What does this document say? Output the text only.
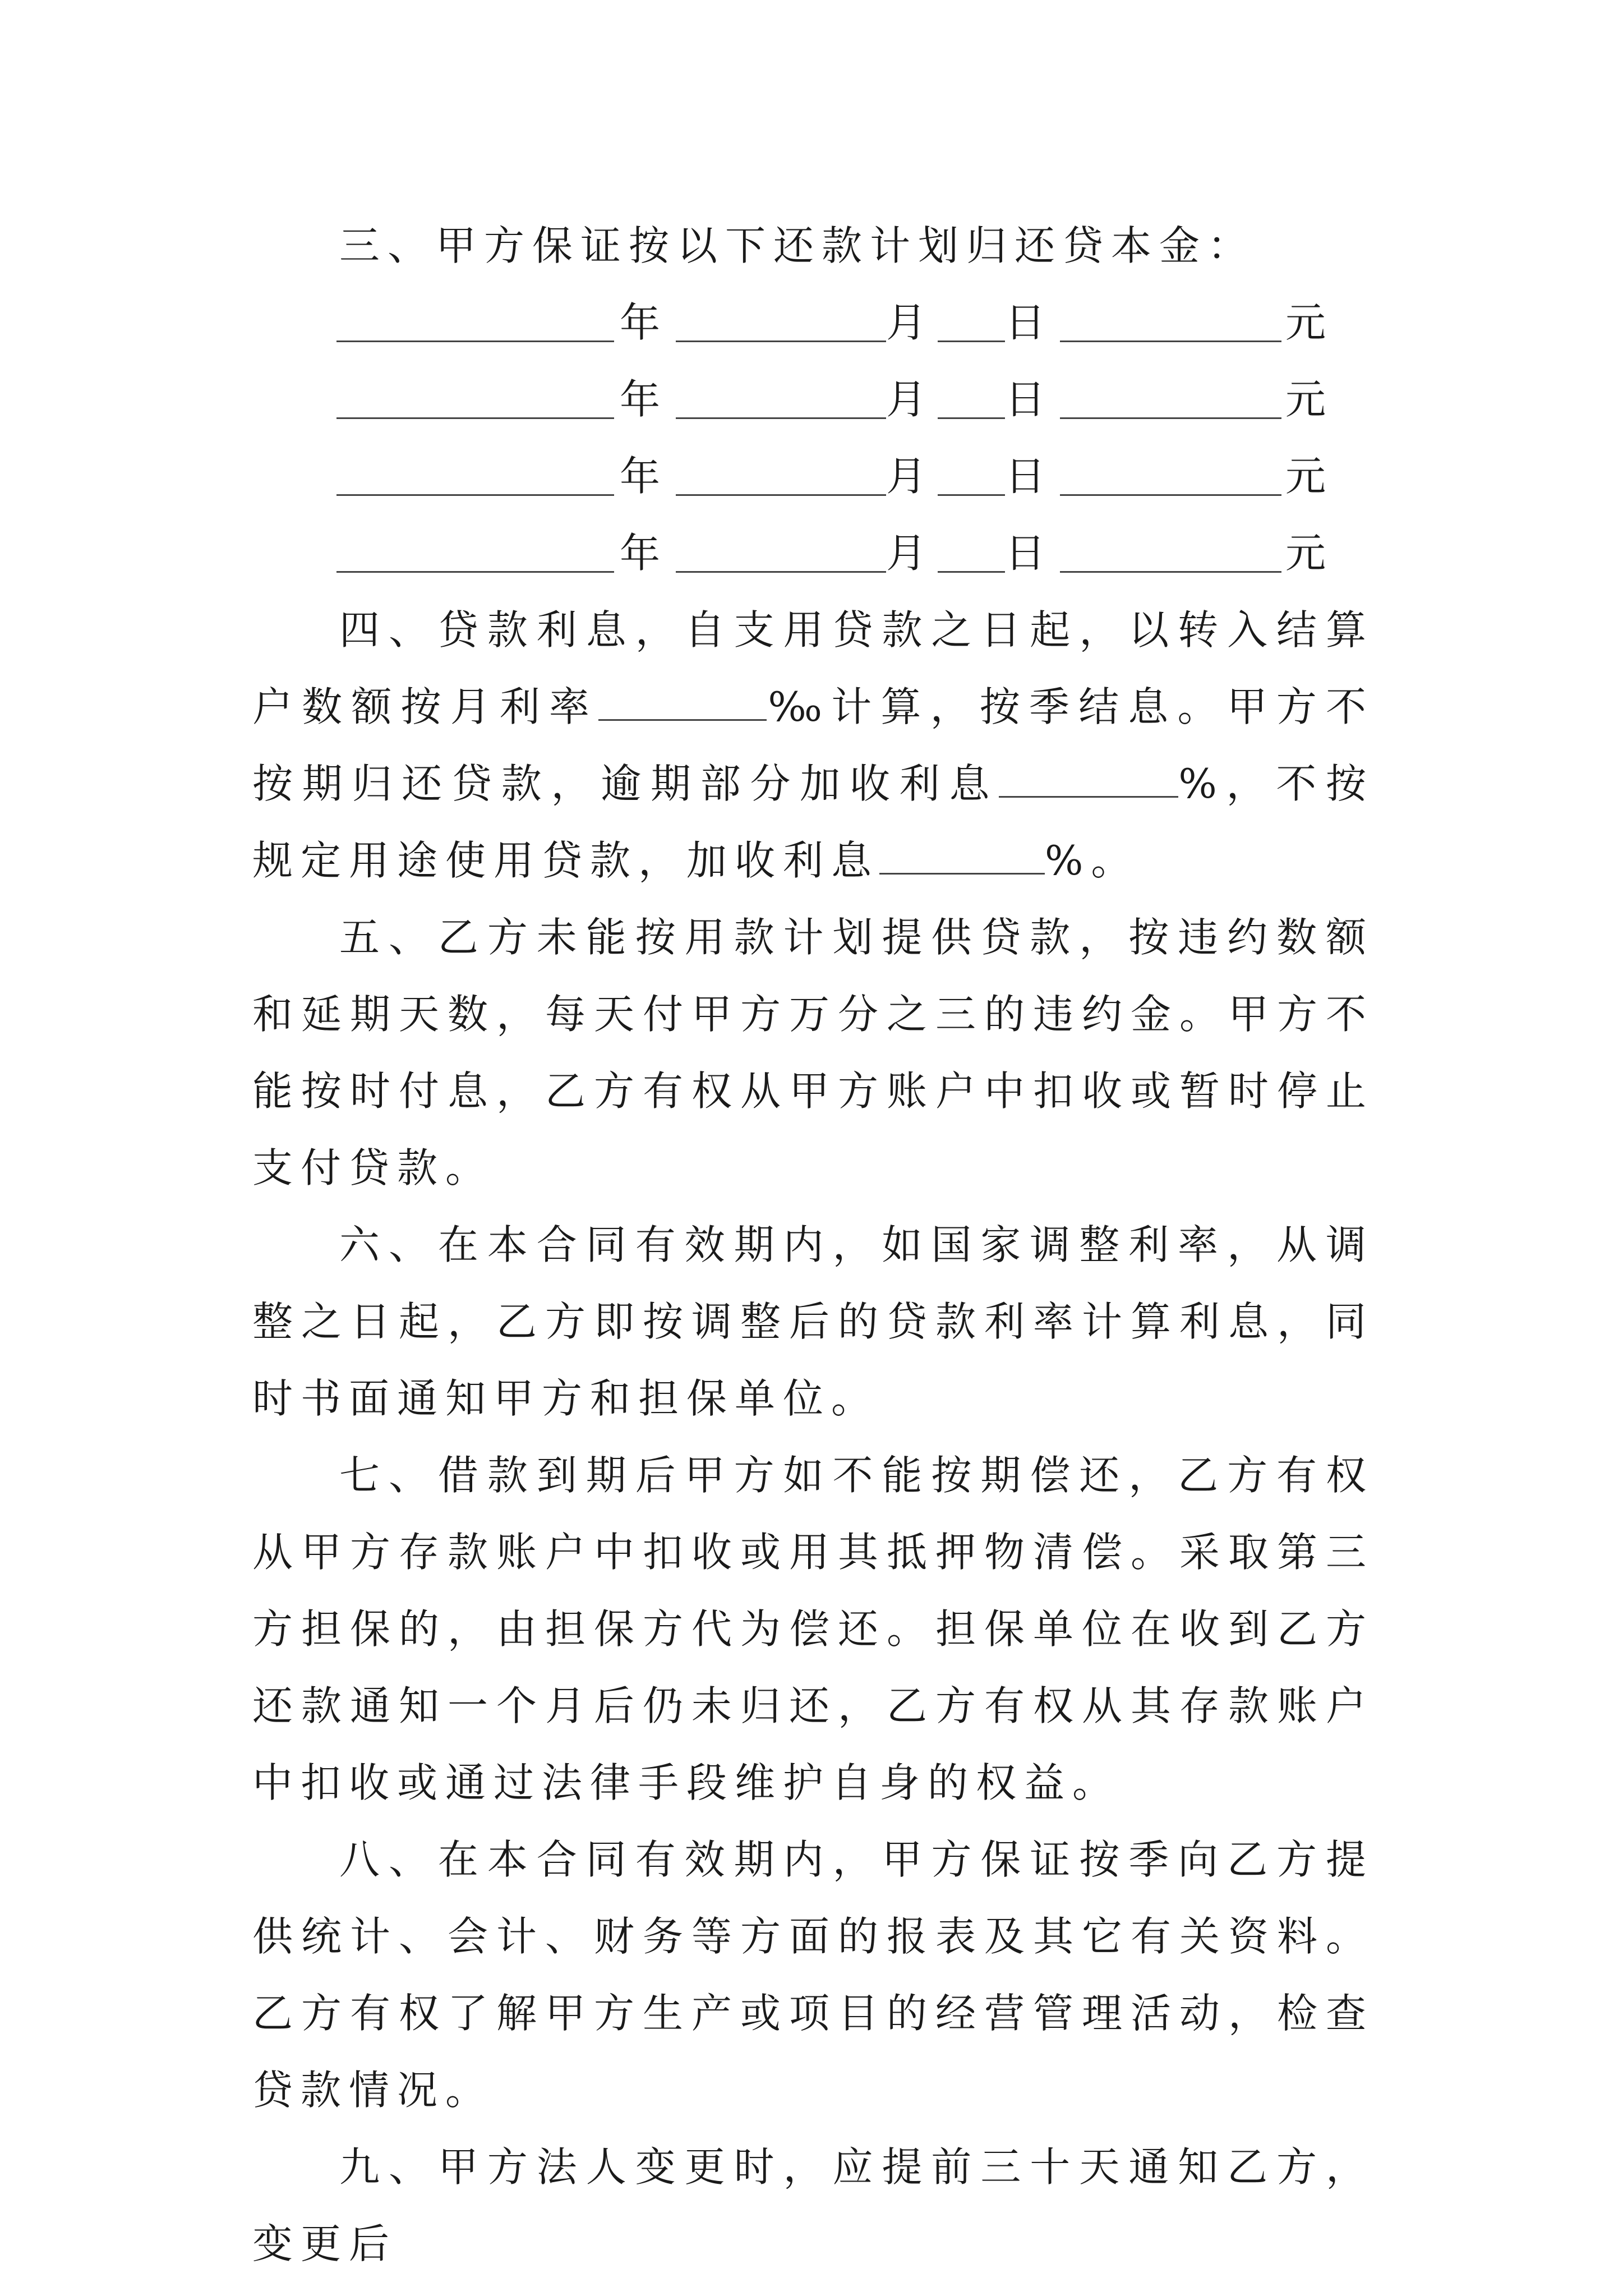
三、甲方保证按以下还款计划归还贷本金：

年	月 日	元
年	月 日	元
年	月 日	元
年	月 日	元

四、贷款利息，自支用贷款之日起，以转入结算户数额按月利率	‰计算，按季结息。甲方不按期归还贷款，逾期部分加收利息	%，不按规定用途使用贷款，加收利息	%。

五、乙方未能按用款计划提供贷款，按违约数额和延期天数，每天付甲方万分之三的违约金。甲方不能按时付息，乙方有权从甲方账户中扣收或暂时停止支付贷款。

六、在本合同有效期内，如国家调整利率，从调整之日起，乙方即按调整后的贷款利率计算利息，同时书面通知甲方和担保单位。

七、借款到期后甲方如不能按期偿还，乙方有权从甲方存款账户中扣收或用其抵押物清偿。采取第三方担保的，由担保方代为偿还。担保单位在收到乙方还款通知一个月后仍未归还，乙方有权从其存款账户中扣收或通过法律手段维护自身的权益。

八、在本合同有效期内，甲方保证按季向乙方提供统计、会计、财务等方面的报表及其它有关资料。乙方有权了解甲方生产或项目的经营管理活动，检查贷款情况。

九、甲方法人变更时，应提前三十天通知乙方，变更后
